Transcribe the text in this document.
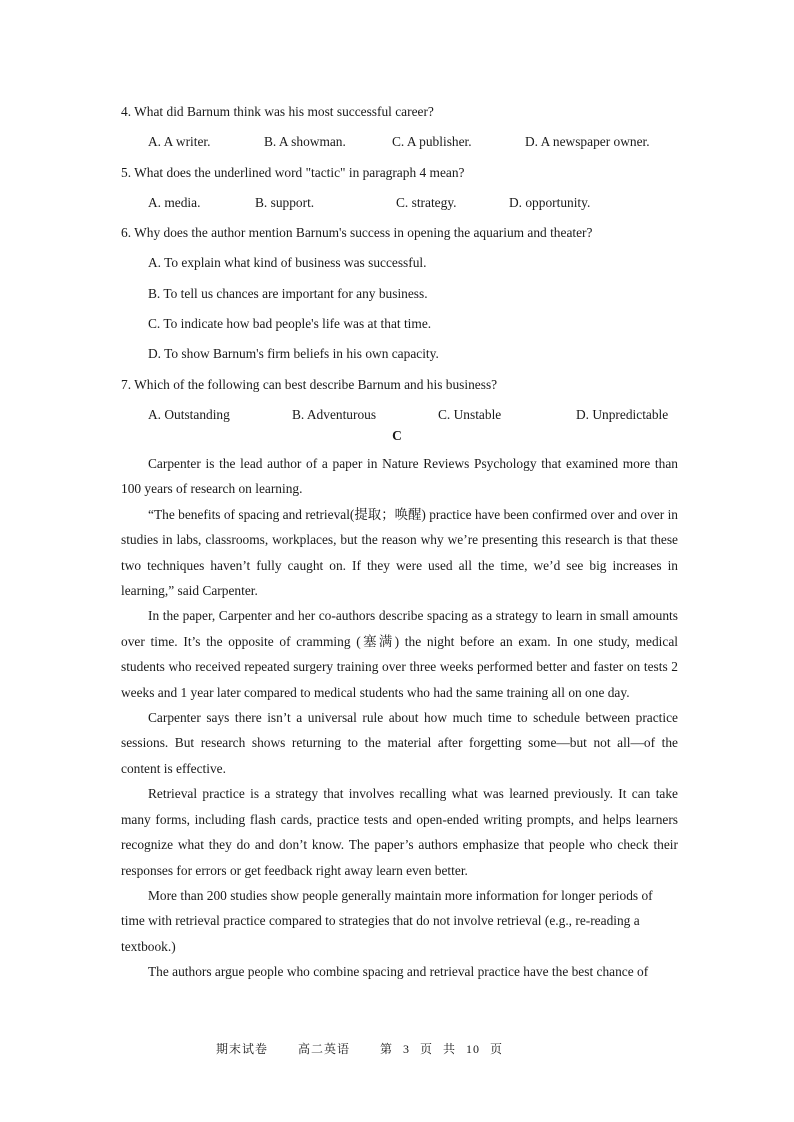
4. What did Barnum think was his most successful career?
A. A writer.	B. A showman.	C. A publisher.	D. A newspaper owner.
5. What does the underlined word "tactic" in paragraph 4 mean?
A. media.	B. support.	C. strategy.	D. opportunity.
6. Why does the author mention Barnum's success in opening the aquarium and theater?
A. To explain what kind of business was successful.
B. To tell us chances are important for any business.
C. To indicate how bad people's life was at that time.
D. To show Barnum's firm beliefs in his own capacity.
7. Which of the following can best describe Barnum and his business?
A. Outstanding	B. Adventurous	C. Unstable	D. Unpredictable
C

Carpenter is the lead author of a paper in Nature Reviews Psychology that examined more than 100 years of research on learning.

“The benefits of spacing and retrieval(提取；唤醒) practice have been confirmed over and over in studies in labs, classrooms, workplaces, but the reason why we’re presenting this research is that these two techniques haven’t fully caught on. If they were used all the time, we’d see big increases in learning,” said Carpenter.

In the paper, Carpenter and her co-authors describe spacing as a strategy to learn in small amounts over time. It’s the opposite of cramming (塞满) the night before an exam. In one study, medical students who received repeated surgery training over three weeks performed better and faster on tests 2 weeks and 1 year later compared to medical students who had the same training all on one day.

Carpenter says there isn’t a universal rule about how much time to schedule between practice sessions. But research shows returning to the material after forgetting some—but not all—of the content is effective.

Retrieval practice is a strategy that involves recalling what was learned previously. It can take many forms, including flash cards, practice tests and open-ended writing prompts, and helps learners recognize what they do and don’t know. The paper’s authors emphasize that people who check their responses for errors or get feedback right away learn even better.

More than 200 studies show people generally maintain more information for longer periods of time with retrieval practice compared to strategies that do not involve retrieval (e.g., re-reading a textbook.)

The authors argue people who combine spacing and retrieval practice have the best chance of

期末试卷   高二英语   第 3 页 共 10 页
